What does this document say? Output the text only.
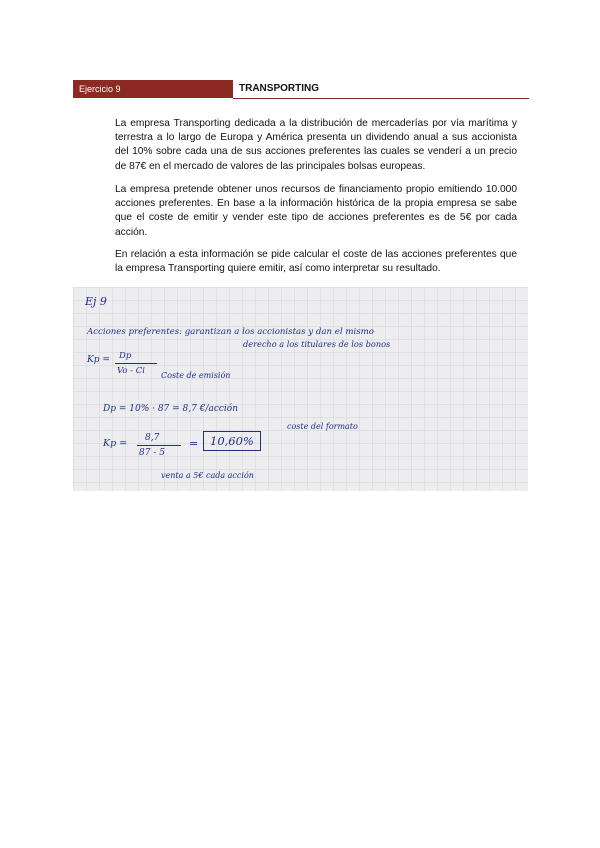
Ejercicio 9	TRANSPORTING
La empresa Transporting dedicada a la distribución de mercaderías por vía marítima y terrestra a lo largo de Europa y América presenta un dividendo anual a sus accionista del 10% sobre cada una de sus acciones preferentes las cuales se venderí a un precio de 87€ en el mercado de valores de las principales bolsas europeas.
La empresa pretende obtener unos recursos de financiamento propio emitiendo 10.000 acciones preferentes. En base a la información histórica de la propia empresa se sabe que el coste de emitir y vender este tipo de acciones preferentes es de 5€ por cada acción.
En relación a esta información se pide calcular el coste de las acciones preferentes que la empresa Transporting quiere emitir, así como interpretar su resultado.
Ej 9
Acciones preferentes: garantizan a los accionistas y dan el mismo
derecho a los titulares de los bonos
Kp = Dp
Vo - Ci Coste de emisión
Dp = 10% · 87 = 8,7 €/acción
Kp = 8,7
87 - 5
=	10,60%
coste del formato
venta a 5€ cada acción
